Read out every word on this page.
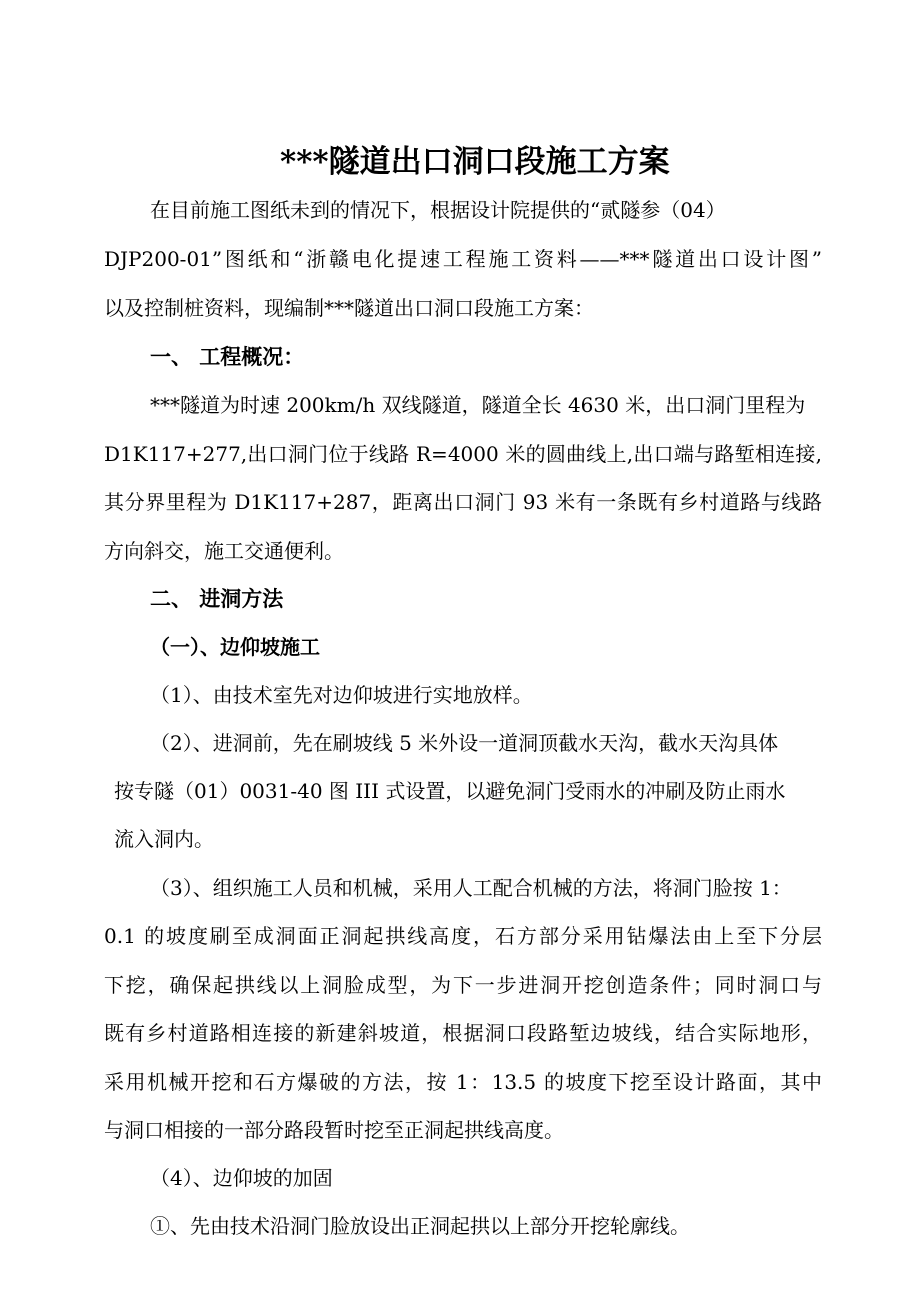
***隧道出口洞口段施工方案
在目前施工图纸未到的情况下，根据设计院提供的“贰隧参（04）
DJP200-01”图纸和“浙赣电化提速工程施工资料——***隧道出口设计图”
以及控制桩资料，现编制***隧道出口洞口段施工方案：
一、 工程概况：
***隧道为时速 200km/h 双线隧道，隧道全长 4630 米，出口洞门里程为
D1K117+277,出口洞门位于线路 R=4000 米的圆曲线上,出口端与路堑相连接,
其分界里程为 D1K117+287，距离出口洞门 93 米有一条既有乡村道路与线路
方向斜交，施工交通便利。
二、 进洞方法
（一）、边仰坡施工
（1）、由技术室先对边仰坡进行实地放样。
（2）、进洞前，先在刷坡线 5 米外设一道洞顶截水天沟，截水天沟具体
按专隧（01）0031-40 图 III 式设置，以避免洞门受雨水的冲刷及防止雨水
流入洞内。
（3）、组织施工人员和机械，采用人工配合机械的方法，将洞门脸按 1：
0.1 的坡度刷至成洞面正洞起拱线高度，石方部分采用钻爆法由上至下分层
下挖，确保起拱线以上洞脸成型，为下一步进洞开挖创造条件；同时洞口与
既有乡村道路相连接的新建斜坡道，根据洞口段路堑边坡线，结合实际地形，
采用机械开挖和石方爆破的方法，按 1：13.5 的坡度下挖至设计路面，其中
与洞口相接的一部分路段暂时挖至正洞起拱线高度。
（4）、边仰坡的加固
①、先由技术沿洞门脸放设出正洞起拱以上部分开挖轮廓线。
